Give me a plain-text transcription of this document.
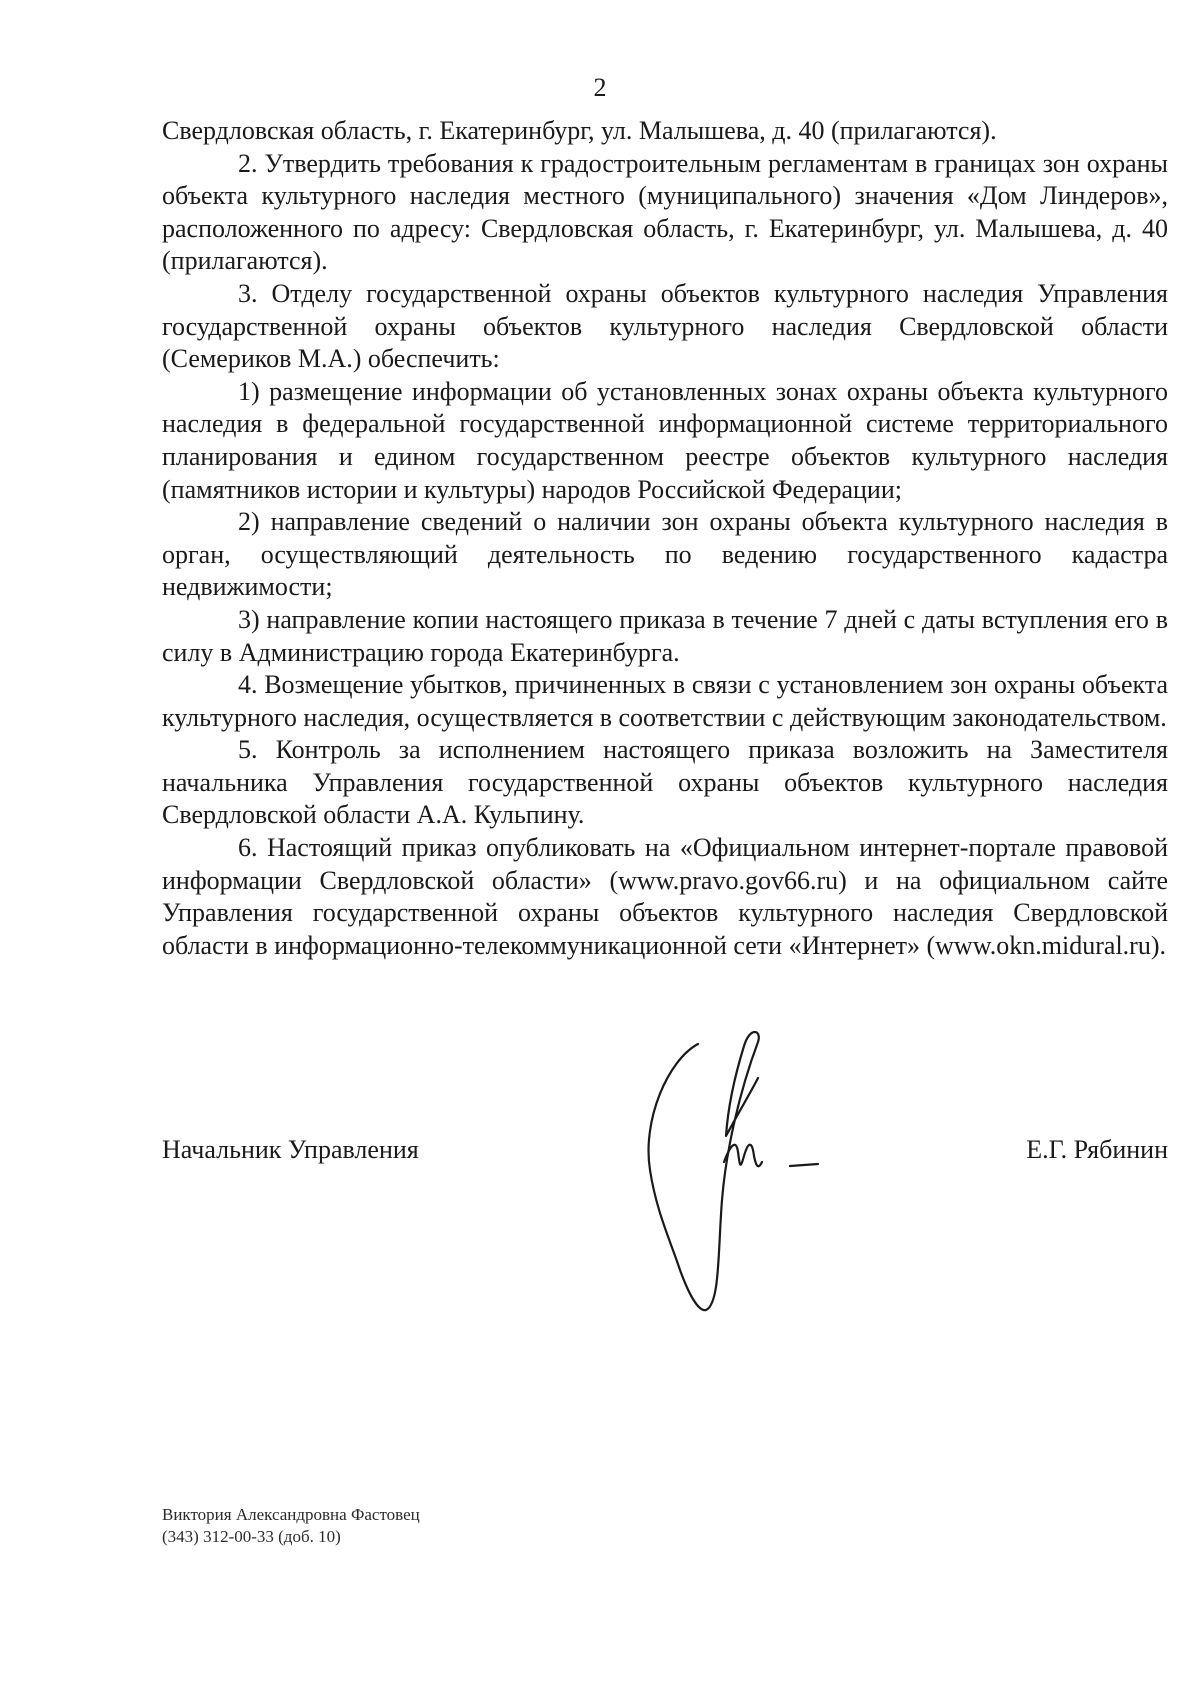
2

Свердловская область, г. Екатеринбург, ул. Малышева, д. 40 (прилагаются).

2. Утвердить требования к градостроительным регламентам в границах зон охраны объекта культурного наследия местного (муниципального) значения «Дом Линдеров», расположенного по адресу: Свердловская область, г. Екатеринбург, ул. Малышева, д. 40 (прилагаются).

3. Отделу государственной охраны объектов культурного наследия Управления государственной охраны объектов культурного наследия Свердловской области (Семериков М.А.) обеспечить:

1) размещение информации об установленных зонах охраны объекта культурного наследия в федеральной государственной информационной системе территориального планирования и едином государственном реестре объектов культурного наследия (памятников истории и культуры) народов Российской Федерации;

2) направление сведений о наличии зон охраны объекта культурного наследия в орган, осуществляющий деятельность по ведению государственного кадастра недвижимости;

3) направление копии настоящего приказа в течение 7 дней с даты вступления его в силу в Администрацию города Екатеринбурга.

4. Возмещение убытков, причиненных в связи с установлением зон охраны объекта культурного наследия, осуществляется в соответствии с действующим законодательством.

5. Контроль за исполнением настоящего приказа возложить на Заместителя начальника Управления государственной охраны объектов культурного наследия Свердловской области А.А. Кульпину.

6. Настоящий приказ опубликовать на «Официальном интернет-портале правовой информации Свердловской области» (www.pravo.gov66.ru) и на официальном сайте Управления государственной охраны объектов культурного наследия Свердловской области в информационно-телекоммуникационной сети «Интернет» (www.okn.midural.ru).

Начальник Управления	Е.Г. Рябинин
Виктория Александровна Фастовец
(343) 312-00-33 (доб. 10)
